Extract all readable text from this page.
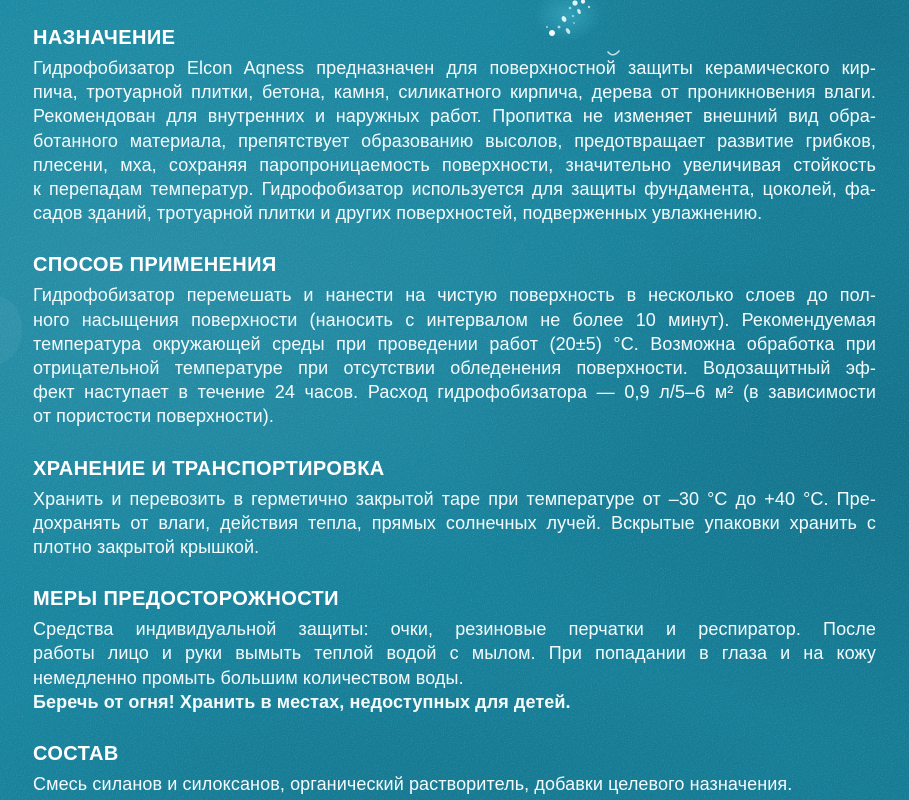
НАЗНАЧЕНИЕ

Гидрофобизатор Elcon Aqness предназначен для поверхностной защиты керамического кир-
пича, тротуарной плитки, бетона, камня, силикатного кирпича, дерева от проникновения влаги.
Рекомендован для внутренних и наружных работ. Пропитка не изменяет внешний вид обра-
ботанного материала, препятствует образованию высолов, предотвращает развитие грибков,
плесени, мха, сохраняя паропроницаемость поверхности, значительно увеличивая стойкость
к перепадам температур. Гидрофобизатор используется для защиты фундамента, цоколей, фа-
садов зданий, тротуарной плитки и других поверхностей, подверженных увлажнению.

СПОСОБ ПРИМЕНЕНИЯ

Гидрофобизатор перемешать и нанести на чистую поверхность в несколько слоев до пол-
ного насыщения поверхности (наносить с интервалом не более 10 минут). Рекомендуемая
температура окружающей среды при проведении работ (20±5) °С. Возможна обработка при
отрицательной температуре при отсутствии обледенения поверхности. Водозащитный эф-
фект наступает в течение 24 часов. Расход гидрофобизатора — 0,9 л/5–6 м² (в зависимости
от пористости поверхности).

ХРАНЕНИЕ И ТРАНСПОРТИРОВКА

Хранить и перевозить в герметично закрытой таре при температуре от –30 °С до +40 °С. Пре-
дохранять от влаги, действия тепла, прямых солнечных лучей. Вскрытые упаковки хранить с
плотно закрытой крышкой.

МЕРЫ ПРЕДОСТОРОЖНОСТИ

Средства индивидуальной защиты: очки, резиновые перчатки и респиратор. После
работы лицо и руки вымыть теплой водой с мылом. При попадании в глаза и на кожу
немедленно промыть большим количеством воды.
Беречь от огня! Хранить в местах, недоступных для детей.

СОСТАВ

Смесь силанов и силоксанов, органический растворитель, добавки целевого назначения.
